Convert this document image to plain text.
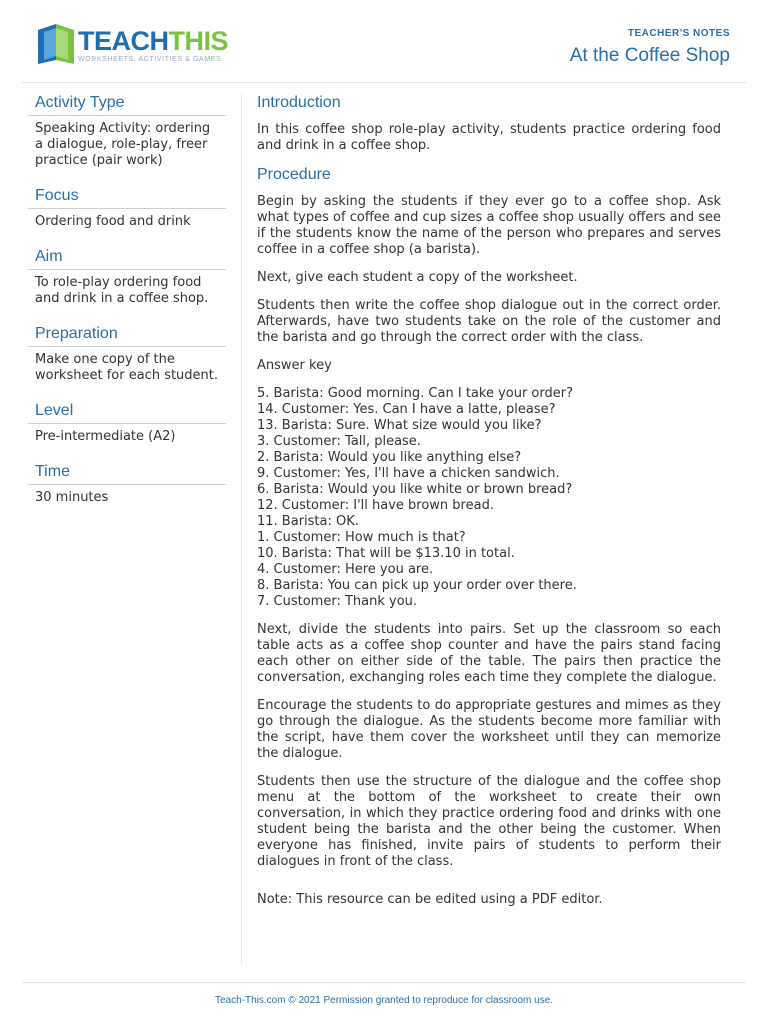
TEACHTHIS
WORKSHEETS, ACTIVITIES & GAMES
TEACHER'S NOTES
At the Coffee Shop
Activity Type

Speaking Activity: ordering a dialogue, role-play, freer practice (pair work)

Focus

Ordering food and drink

Aim

To role-play ordering food and drink in a coffee shop.

Preparation

Make one copy of the worksheet for each student.

Level

Pre-intermediate (A2)

Time

30 minutes

Introduction

In this coffee shop role-play activity, students practice ordering food and drink in a coffee shop.

Procedure

Begin by asking the students if they ever go to a coffee shop. Ask what types of coffee and cup sizes a coffee shop usually offers and see if the students know the name of the person who prepares and serves coffee in a coffee shop (a barista).

Next, give each student a copy of the worksheet.

Students then write the coffee shop dialogue out in the correct order. Afterwards, have two students take on the role of the customer and the barista and go through the correct order with the class.

Answer key

5. Barista: Good morning. Can I take your order?
14. Customer: Yes. Can I have a latte, please?
13. Barista: Sure. What size would you like?
3. Customer: Tall, please.
2. Barista: Would you like anything else?
9. Customer: Yes, I'll have a chicken sandwich.
6. Barista: Would you like white or brown bread?
12. Customer: I'll have brown bread.
11. Barista: OK.
1. Customer: How much is that?
10. Barista: That will be $13.10 in total.
4. Customer: Here you are.
8. Barista: You can pick up your order over there.
7. Customer: Thank you.

Next, divide the students into pairs. Set up the classroom so each table acts as a coffee shop counter and have the pairs stand facing each other on either side of the table. The pairs then practice the conversation, exchanging roles each time they complete the dialogue.

Encourage the students to do appropriate gestures and mimes as they go through the dialogue. As the students become more familiar with the script, have them cover the worksheet until they can memorize the dialogue.

Students then use the structure of the dialogue and the coffee shop menu at the bottom of the worksheet to create their own conversation, in which they practice ordering food and drinks with one student being the barista and the other being the customer. When everyone has finished, invite pairs of students to perform their dialogues in front of the class.

Note: This resource can be edited using a PDF editor.

Teach-This.com © 2021 Permission granted to reproduce for classroom use.
